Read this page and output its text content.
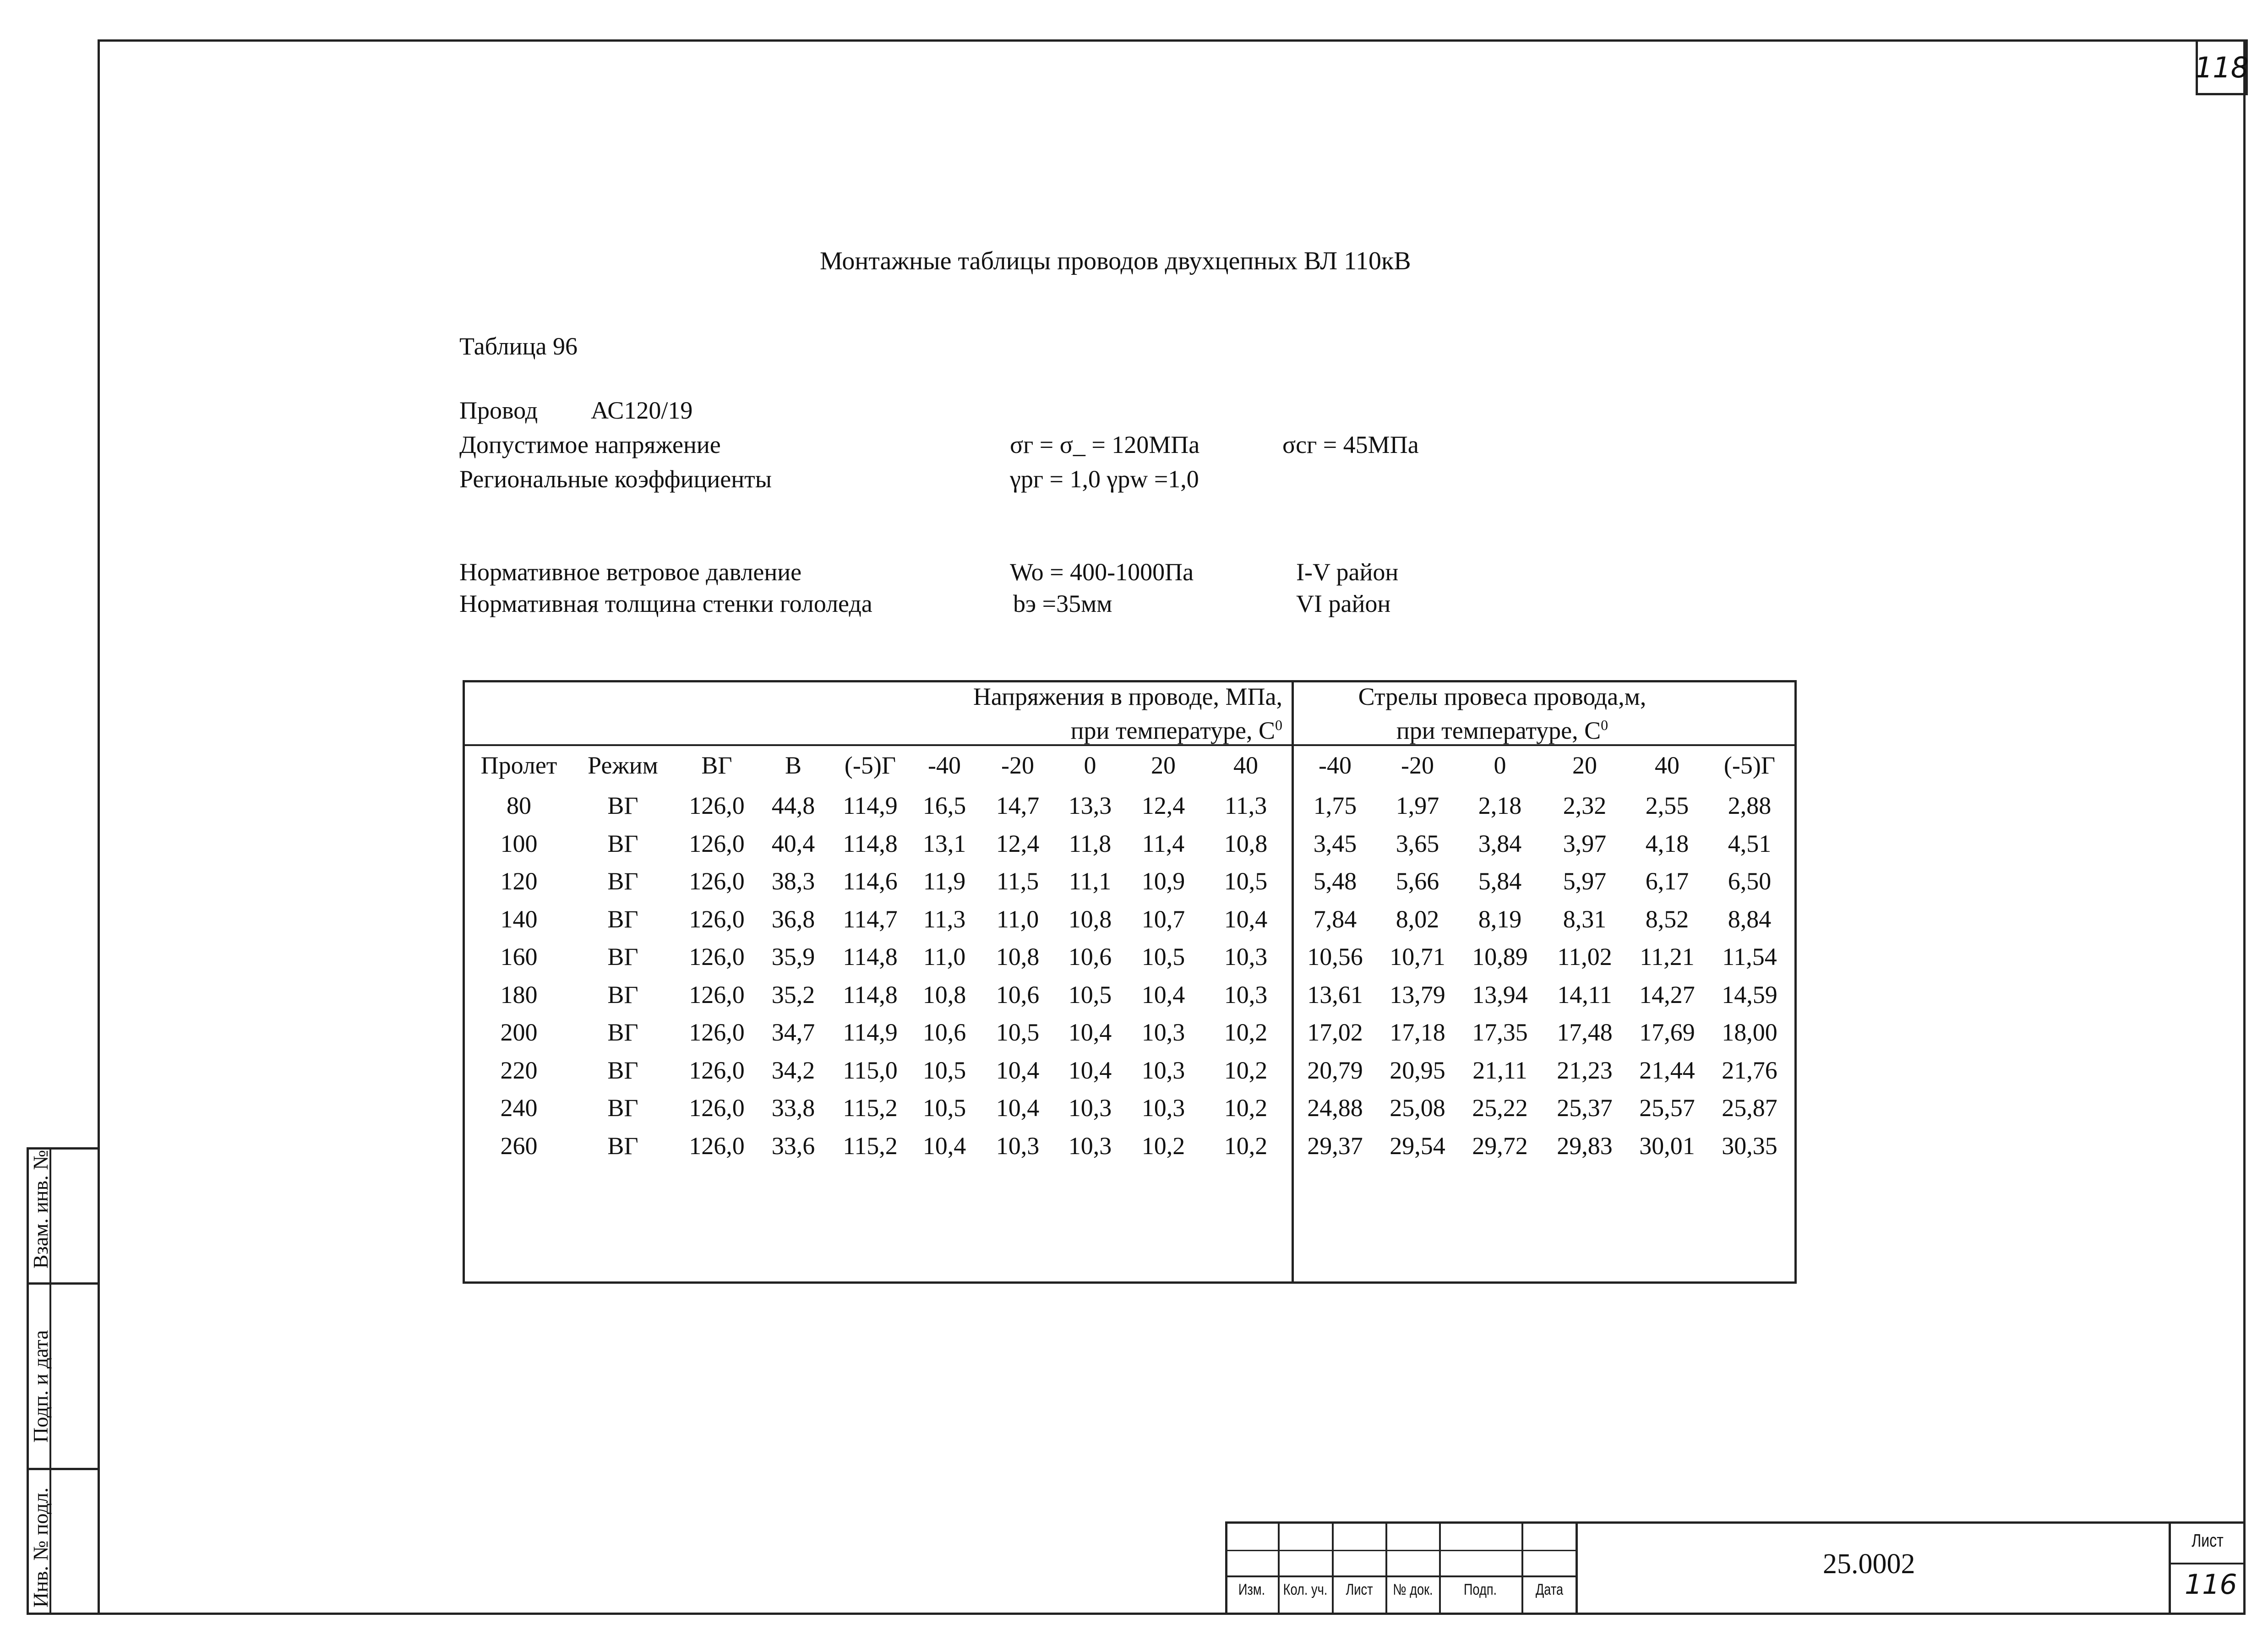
118
Монтажные таблицы проводов двухцепных ВЛ 110кВ
Таблица 96
Провод АС120/19
Допустимое напряжение	σг = σ_ = 120МПа	σсг = 45МПа
Региональные коэффициенты	γрг = 1,0 γpw =1,0
Нормативное ветровое давление	Wo = 400-1000Па	I-V район
Нормативная толщина стенки гололеда	bэ =35мм	VI район
Напряжения в проводе, МПа,
при температуре, $С^0$
Стрелы провеса провода,м,
при температуре, $С^0$
Пролет Режим ВГ В (-5)Г -40 -20 0 20 40 -40 -20 0	20 40 (-5)Г
80	ВГ 126,0 44,8 114,9 16,5 14,7 13,3 12,4 11,3 1,75 1,97 2,18 2,32 2,55 2,88
100	ВГ 126,0 40,4 114,8 13,1 12,4 11,8 11,4 10,8 3,45 3,65 3,84 3,97 4,18 4,51
120	ВГ 126,0 38,3 114,6 11,9 11,5 11,1 10,9 10,5 5,48 5,66 5,84 5,97 6,17 6,50
140	ВГ 126,0 36,8 114,7 11,3 11,0 10,8 10,7 10,4 7,84 8,02 8,19 8,31 8,52 8,84
160	ВГ 126,0 35,9 114,8 11,0 10,8 10,6 10,5 10,3 10,56 10,71 10,89 11,02 11,21 11,54
180	ВГ 126,0 35,2 114,8 10,8 10,6 10,5 10,4 10,3 13,61 13,79 13,94 14,11 14,27 14,59
200	ВГ 126,0 34,7 114,9 10,6 10,5 10,4 10,3 10,2 17,02 17,18 17,35 17,48 17,69 18,00
220	ВГ 126,0 34,2 115,0 10,5 10,4 10,4 10,3 10,2 20,79 20,95 21,11 21,23 21,44 21,76
240	ВГ 126,0 33,8 115,2 10,5 10,4 10,3 10,3 10,2 24,88 25,08 25,22 25,37 25,57 25,87
260	ВГ 126,0 33,6 115,2 10,4 10,3 10,3 10,2 10,2 29,37 29,54 29,72 29,83 30,01 30,35
Инв. № подл.
Подп. и дата
Взам. инв. №
Изм. Кол. уч. Лист № док. Подп. Дата
25.0002
Лист
116
